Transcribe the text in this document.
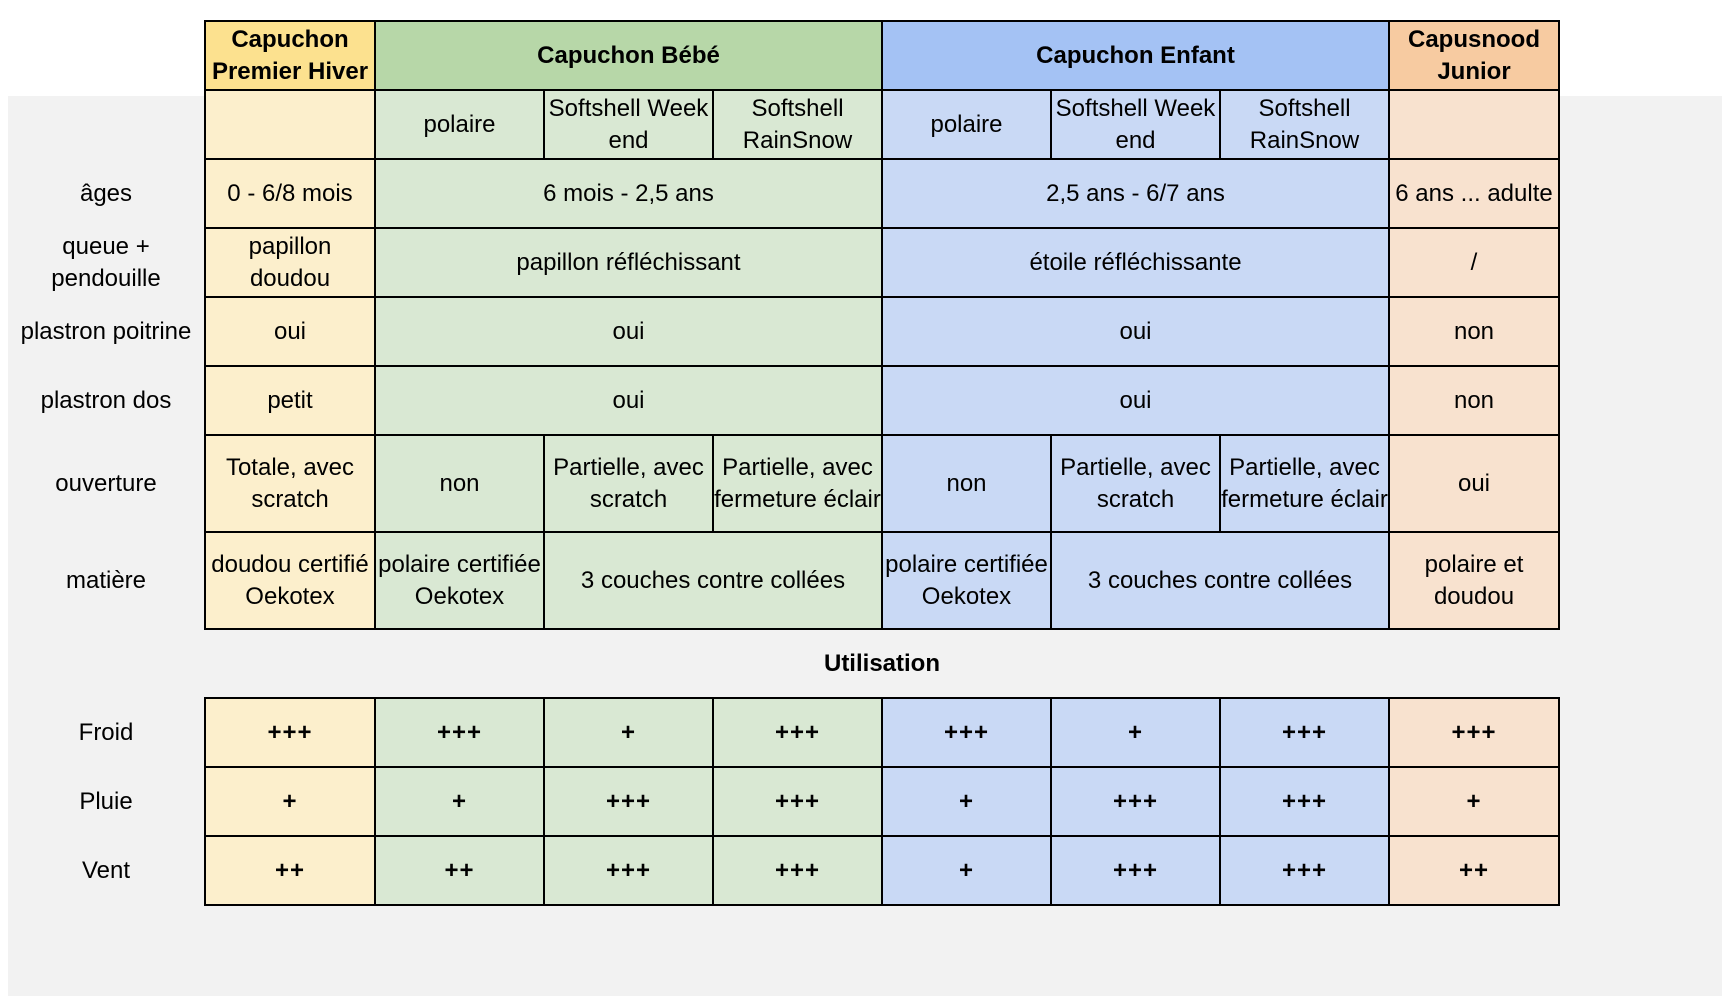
	Capuchon Premier Hiver	Capuchon Bébé			Capuchon Enfant			Capusnood Junior
		polaire	Softshell Week end	Softshell RainSnow	polaire	Softshell Week end	Softshell RainSnow	
âges	0 - 6/8 mois	6 mois - 2,5 ans			2,5 ans - 6/7 ans			6 ans ... adulte
queue + pendouille	papillon doudou	papillon réfléchissant			étoile réfléchissante			/
plastron poitrine	oui	oui			oui			non
plastron dos	petit	oui			oui			non
ouverture	Totale, avec scratch	non	Partielle, avec scratch	Partielle, avec fermeture éclair	non	Partielle, avec scratch	Partielle, avec fermeture éclair	oui
matière	doudou certifié Oekotex	polaire certifiée Oekotex	3 couches contre collées		polaire certifiée Oekotex	3 couches contre collées		polaire et doudou
	Utilisation							
Froid	+++	+++	+	+++	+++	+	+++	+++
Pluie	+	+	+++	+++	+	+++	+++	+
Vent	++	++	+++	+++	+	+++	+++	++
